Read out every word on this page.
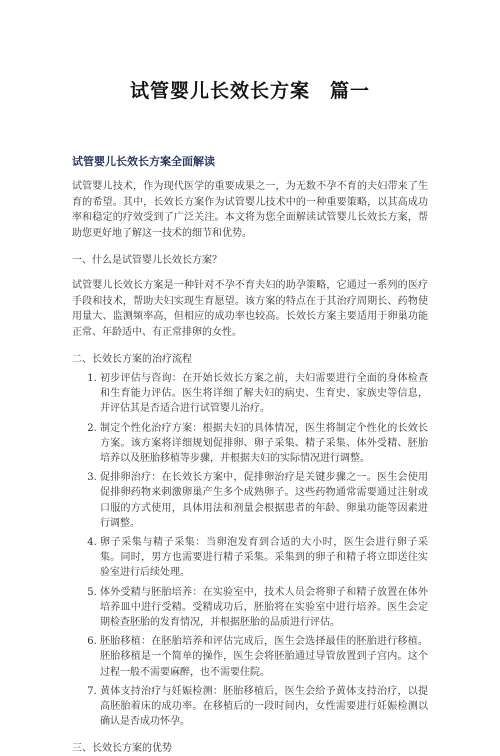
试管婴儿长效长方案　篇一
试管婴儿长效长方案全面解读

试管婴儿技术，作为现代医学的重要成果之一，为无数不孕不育的夫妇带来了生育的希望。其中，长效长方案作为试管婴儿技术中的一种重要策略，以其高成功率和稳定的疗效受到了广泛关注。本文将为您全面解读试管婴儿长效长方案，帮助您更好地了解这一技术的细节和优势。

一、什么是试管婴儿长效长方案？

试管婴儿长效长方案是一种针对不孕不育夫妇的助孕策略，它通过一系列的医疗手段和技术，帮助夫妇实现生育愿望。该方案的特点在于其治疗周期长、药物使用量大、监测频率高，但相应的成功率也较高。长效长方案主要适用于卵巢功能正常、年龄适中、有正常排卵的女性。

二、长效长方案的治疗流程

1. 初步评估与咨询：在开始长效长方案之前，夫妇需要进行全面的身体检查和生育能力评估。医生将详细了解夫妇的病史、生育史、家族史等信息，并评估其是否适合进行试管婴儿治疗。
2. 制定个性化治疗方案：根据夫妇的具体情况，医生将制定个性化的长效长方案。该方案将详细规划促排卵、卵子采集、精子采集、体外受精、胚胎培养以及胚胎移植等步骤，并根据夫妇的实际情况进行调整。
3. 促排卵治疗：在长效长方案中，促排卵治疗是关键步骤之一。医生会使用促排卵药物来刺激卵巢产生多个成熟卵子。这些药物通常需要通过注射或口服的方式使用，具体用法和剂量会根据患者的年龄、卵巢功能等因素进行调整。
4. 卵子采集与精子采集：当卵泡发育到合适的大小时，医生会进行卵子采集。同时，男方也需要进行精子采集。采集到的卵子和精子将立即送往实验室进行后续处理。
5. 体外受精与胚胎培养：在实验室中，技术人员会将卵子和精子放置在体外培养皿中进行受精。受精成功后，胚胎将在实验室中进行培养。医生会定期检查胚胎的发育情况，并根据胚胎的品质进行评估。
6. 胚胎移植：在胚胎培养和评估完成后，医生会选择最佳的胚胎进行移植。胚胎移植是一个简单的操作，医生会将胚胎通过导管放置到子宫内。这个过程一般不需要麻醉，也不需要住院。
7. 黄体支持治疗与妊娠检测：胚胎移植后，医生会给予黄体支持治疗，以提高胚胎着床的成功率。在移植后的一段时间内，女性需要进行妊娠检测以确认是否成功怀孕。

三、长效长方案的优势
